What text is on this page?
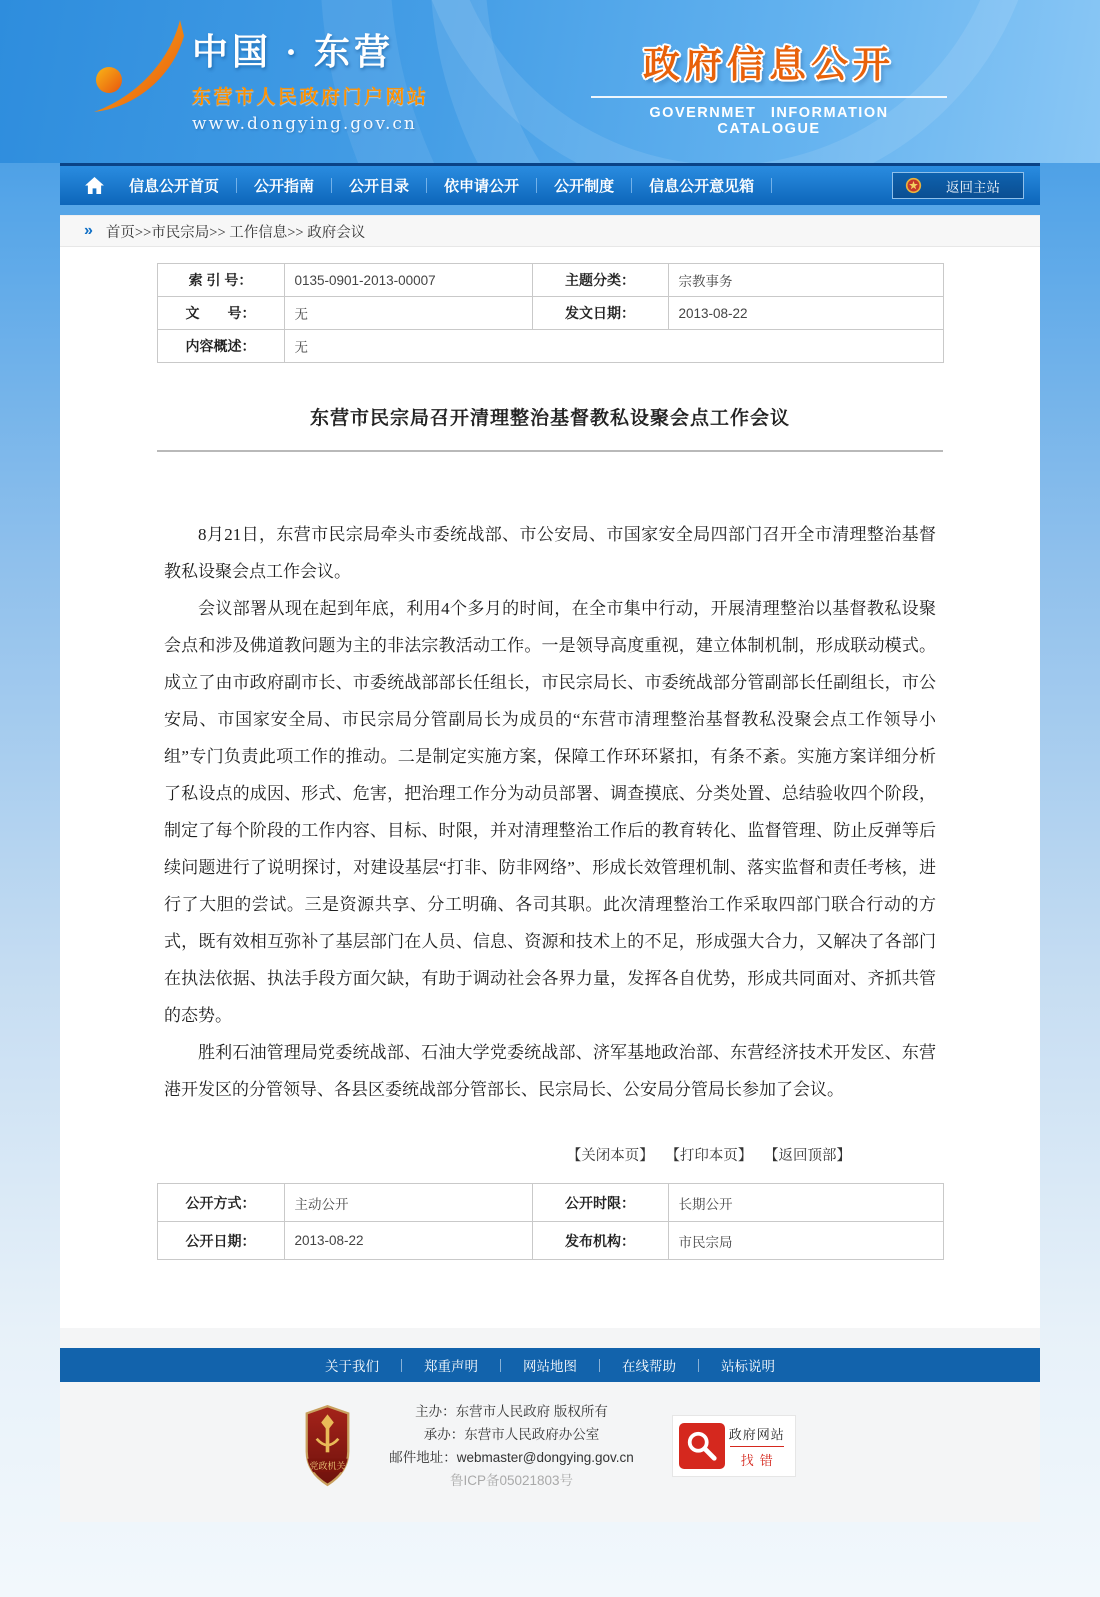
中国 · 东营
东营市人民政府门户网站
www.dongying.gov.cn
政府信息公开
GOVERNMET INFORMATION CATALOGUE
信息公开首页	公开指南	公开目录	依申请公开	公开制度	信息公开意见箱	返回主站
» 首页>>市民宗局>> 工作信息>> 政府会议
索 引 号：	0135-0901-2013-00007	主题分类：	宗教事务
文　　号：	无	发文日期：	2013-08-22
内容概述：	无		
东营市民宗局召开清理整治基督教私设聚会点工作会议

8月21日，东营市民宗局牵头市委统战部、市公安局、市国家安全局四部门召开全市清理整治基督教私设聚会点工作会议。

会议部署从现在起到年底，利用4个多月的时间，在全市集中行动，开展清理整治以基督教私设聚会点和涉及佛道教问题为主的非法宗教活动工作。一是领导高度重视，建立体制机制，形成联动模式。成立了由市政府副市长、市委统战部部长任组长，市民宗局长、市委统战部分管副部长任副组长，市公安局、市国家安全局、市民宗局分管副局长为成员的“东营市清理整治基督教私没聚会点工作领导小组”专门负责此项工作的推动。二是制定实施方案，保障工作环环紧扣，有条不紊。实施方案详细分析了私设点的成因、形式、危害，把治理工作分为动员部署、调查摸底、分类处置、总结验收四个阶段，制定了每个阶段的工作内容、目标、时限，并对清理整治工作后的教育转化、监督管理、防止反弹等后续问题进行了说明探讨，对建设基层“打非、防非网络”、形成长效管理机制、落实监督和责任考核，进行了大胆的尝试。三是资源共享、分工明确、各司其职。此次清理整治工作采取四部门联合行动的方式，既有效相互弥补了基层部门在人员、信息、资源和技术上的不足，形成强大合力，又解决了各部门在执法依据、执法手段方面欠缺，有助于调动社会各界力量，发挥各自优势，形成共同面对、齐抓共管的态势。

胜利石油管理局党委统战部、石油大学党委统战部、济军基地政治部、东营经济技术开发区、东营港开发区的分管领导、各县区委统战部分管部长、民宗局长、公安局分管局长参加了会议。

【关闭本页】 【打印本页】 【返回顶部】
公开方式：	主动公开	公开时限：	长期公开
公开日期：	2013-08-22	发布机构：	市民宗局
关于我们	郑重声明	网站地图	在线帮助	站标说明
党政机关
主办：东营市人民政府 版权所有
承办：东营市人民政府办公室
邮件地址：webmaster@dongying.gov.cn
鲁ICP备05021803号
政府网站
找错
